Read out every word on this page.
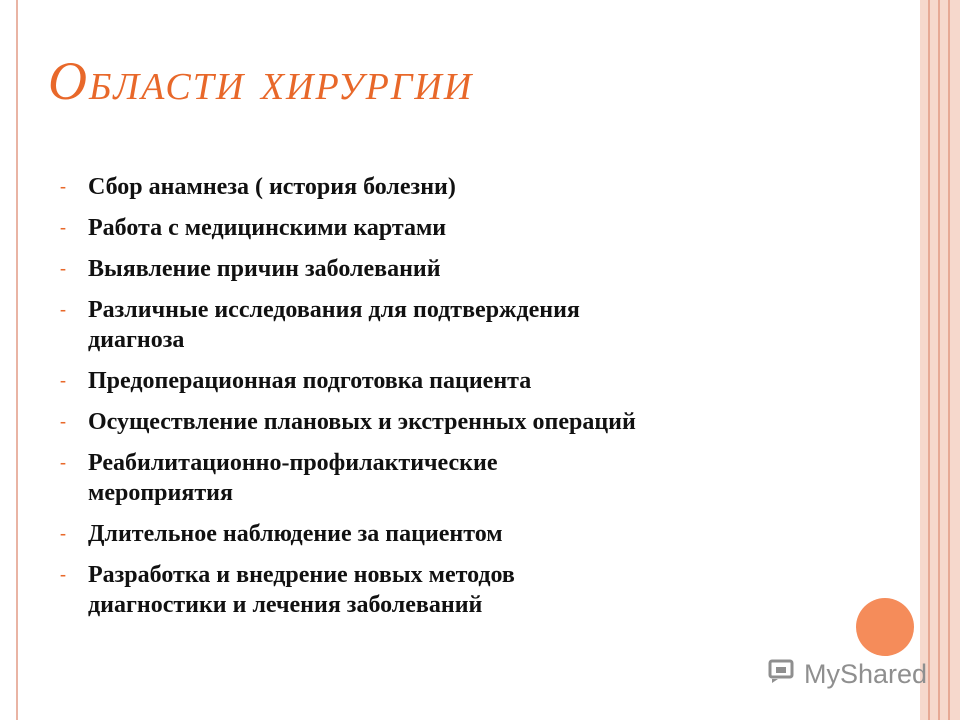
Области хирургии
- Сбор анамнеза ( история болезни)
- Работа с медицинскими картами
- Выявление причин заболеваний
- Различные исследования для подтверждения
диагноза
- Предоперационная подготовка пациента
- Осуществление плановых и экстренных операций
- Реабилитационно-профилактические
мероприятия
- Длительное наблюдение за пациентом
- Разработка и внедрение новых методов
диагностики и лечения заболеваний
MyShared
